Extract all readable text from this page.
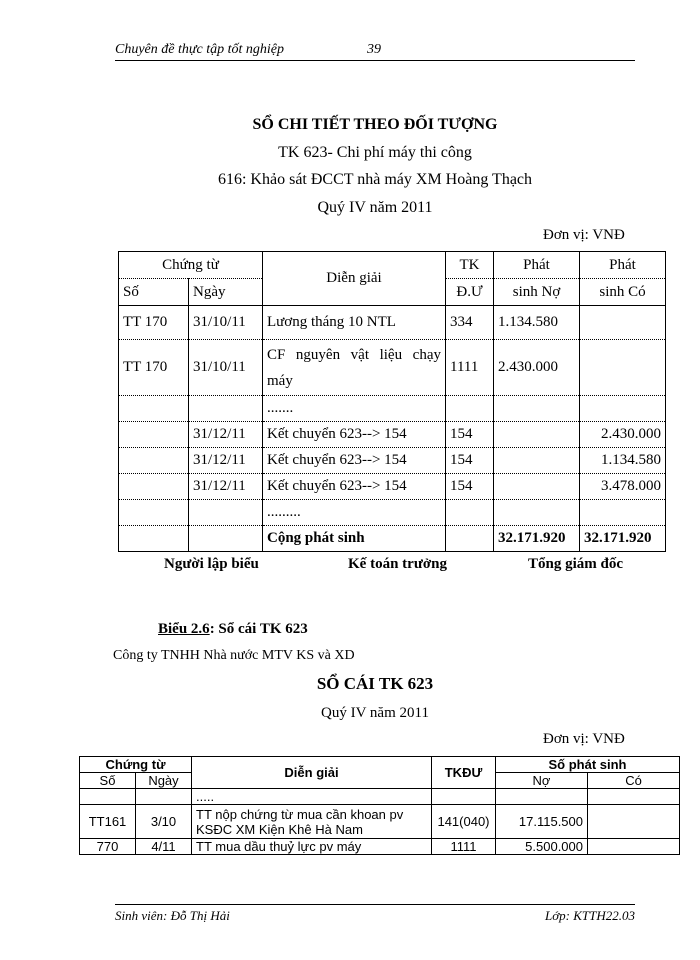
Chuyên đề thực tập tốt nghiệp	39
SỔ CHI TIẾT THEO ĐỐI TƯỢNG
TK 623- Chi phí máy thi công
616: Khảo sát ĐCCT nhà máy XM Hoàng Thạch
Quý IV năm 2011
Đơn vị: VNĐ
Chứng từ		Diễn giải	TK	Phát	Phát
Số	Ngày		Đ.Ư	sinh Nợ	sinh Có
TT 170	31/10/11	Lương tháng 10 NTL	334	1.134.580	
TT 170	31/10/11	CF nguyên vật liệu chạy máy	1111	2.430.000	
		.......			
	31/12/11	Kết chuyển 623--> 154	154		2.430.000
	31/12/11	Kết chuyển 623--> 154	154		1.134.580
	31/12/11	Kết chuyển 623--> 154	154		3.478.000
		.........			
		Cộng phát sinh		32.171.920	32.171.920
Người lập biểu	Kế toán trưởng	Tổng giám đốc
Biểu 2.6: Sổ cái TK 623
Công ty TNHH Nhà nước MTV KS và XD
SỔ CÁI TK 623
Quý IV năm 2011
Đơn vị: VNĐ
Chứng từ		Diễn giải	TKĐƯ	Số phát sinh	
Số	Ngày			Nợ	Có
		.....			
TT161	3/10	TT nộp chứng từ mua cần khoan pv KSĐC XM Kiện Khê Hà Nam	141(040)	17.115.500	
770	4/11	TT mua dầu thuỷ lực pv máy	1111	5.500.000	
Sinh viên: Đỗ Thị Hải	Lớp: KTTH22.03
